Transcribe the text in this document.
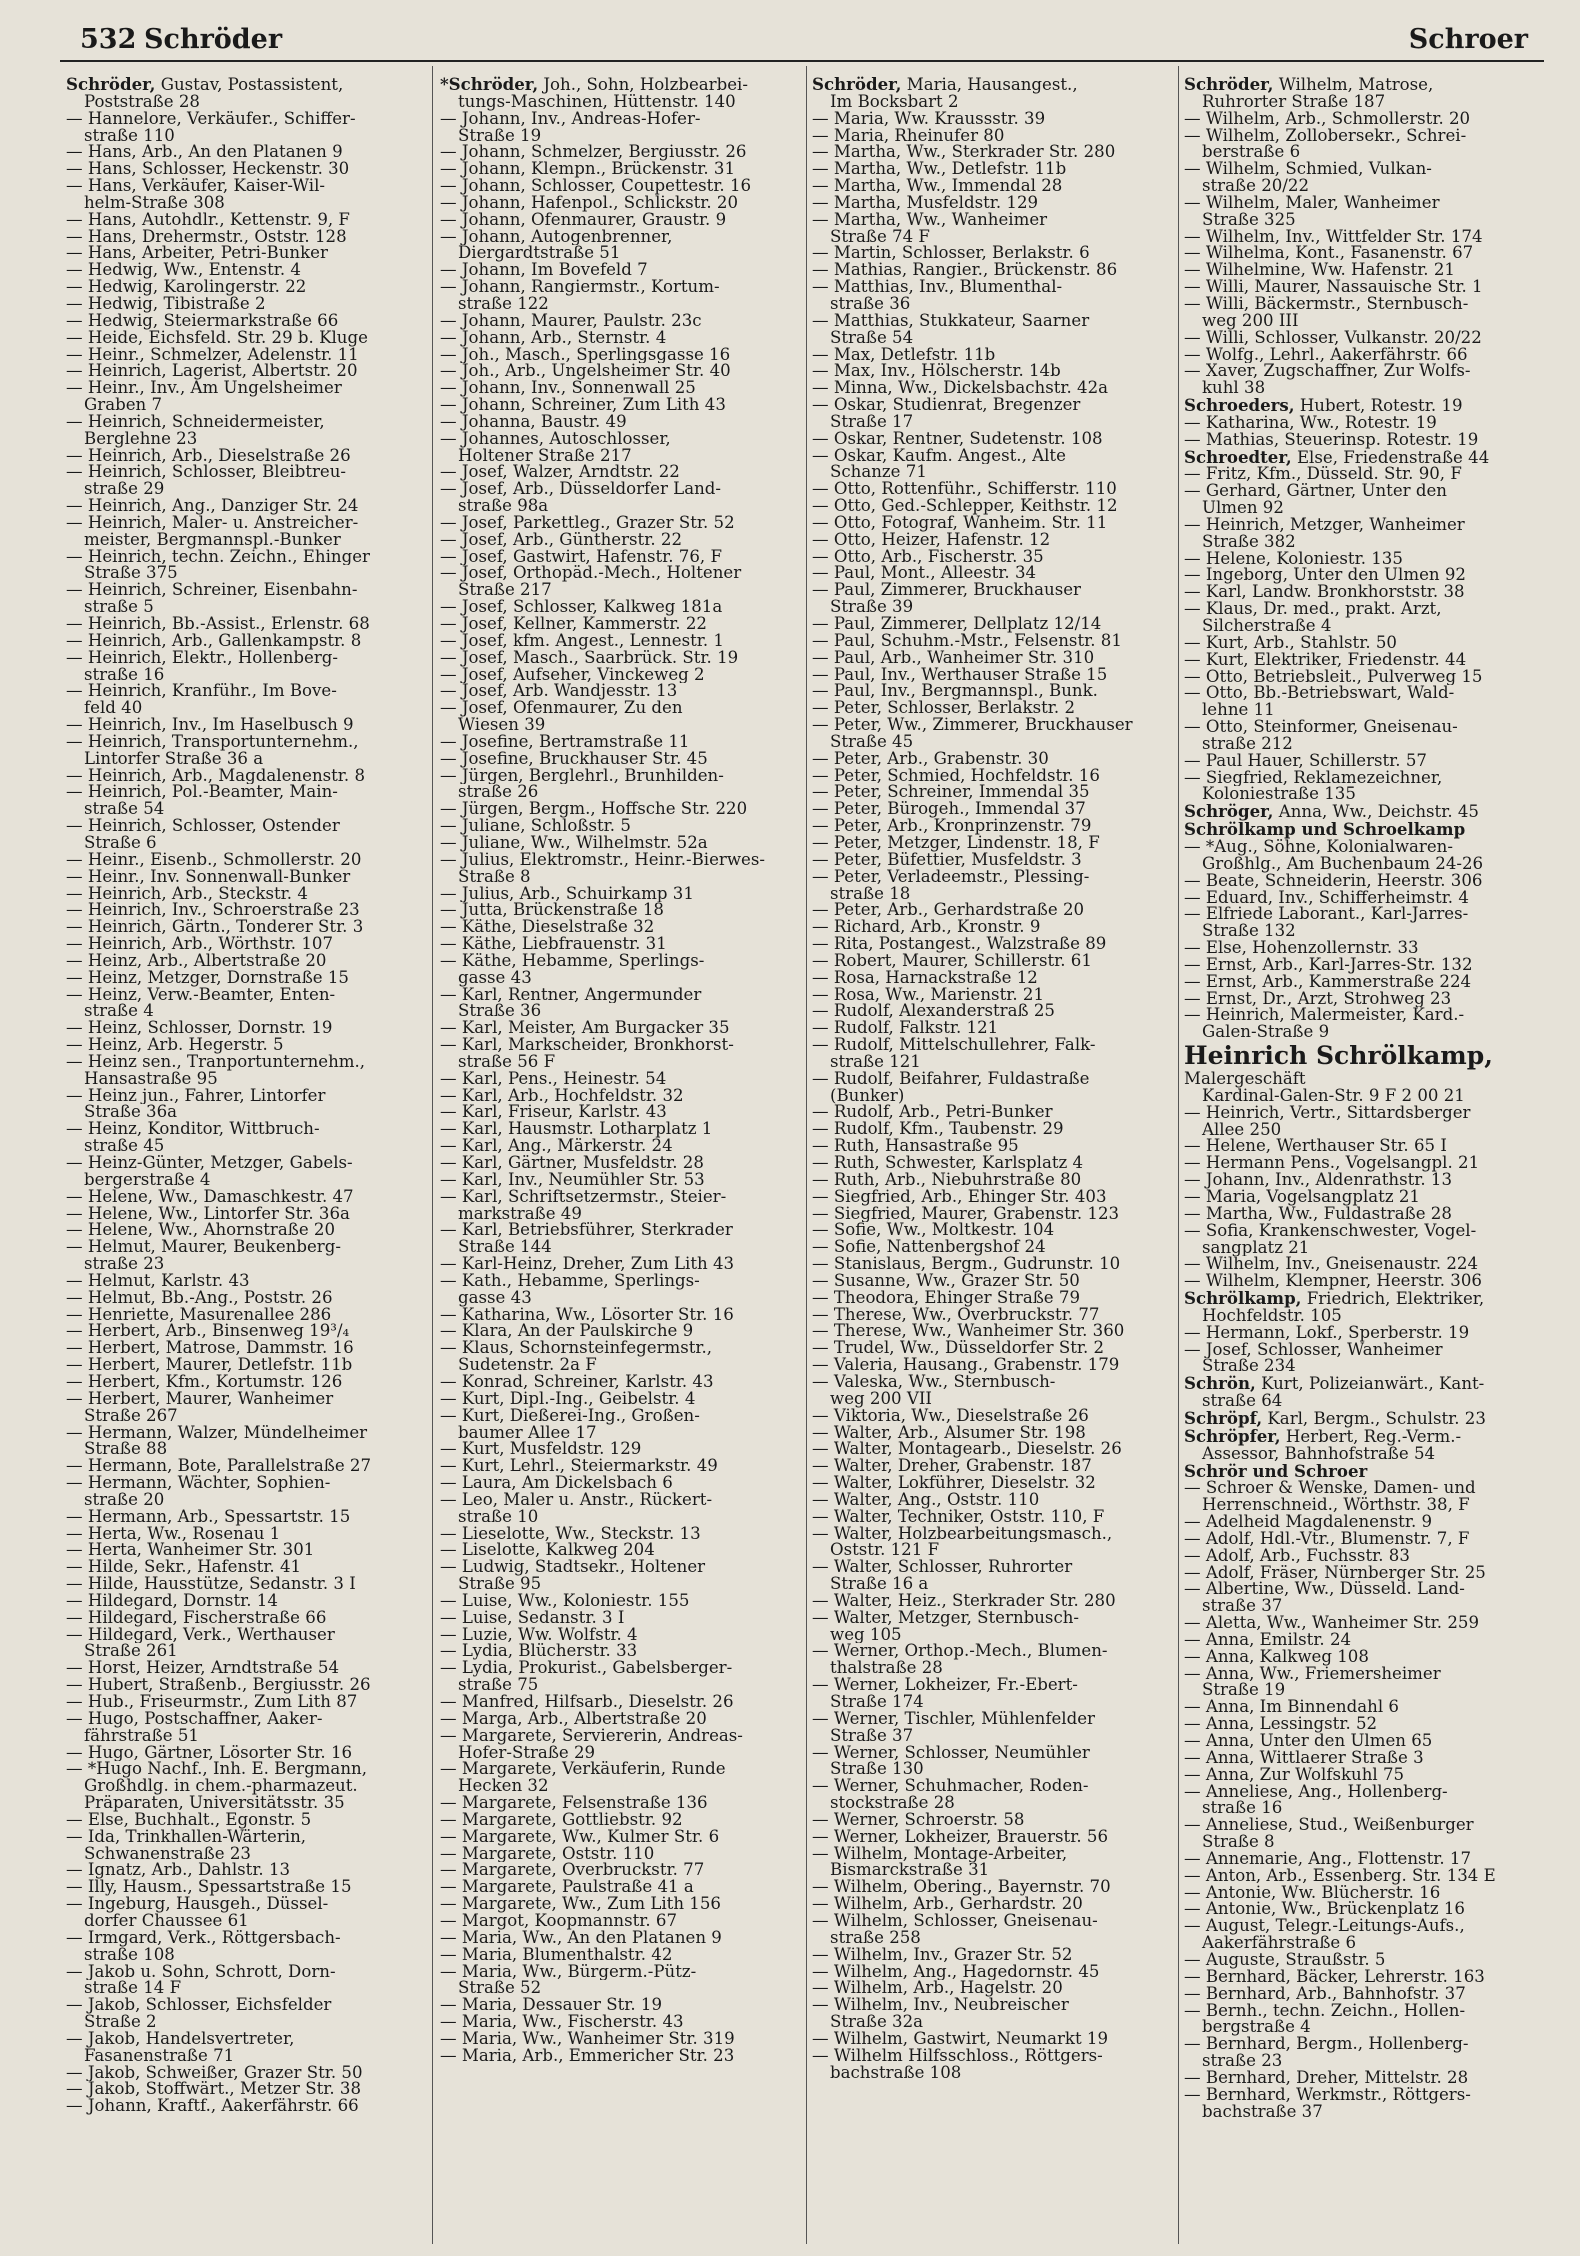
532 Schröder	Schroer
Schröder, Gustav, Postassistent,
Poststraße 28
— Hannelore, Verkäufer., Schiffer-
straße 110
— Hans, Arb., An den Platanen 9
— Hans, Schlosser, Heckenstr. 30
— Hans, Verkäufer, Kaiser-Wil-
helm-Straße 308
— Hans, Autohdlr., Kettenstr. 9, F
— Hans, Drehermstr., Oststr. 128
— Hans, Arbeiter, Petri-Bunker
— Hedwig, Ww., Entenstr. 4
— Hedwig, Karolingerstr. 22
— Hedwig, Tibistraße 2
— Hedwig, Steiermarkstraße 66
— Heide, Eichsfeld. Str. 29 b. Kluge
— Heinr., Schmelzer, Adelenstr. 11
— Heinrich, Lagerist, Albertstr. 20
— Heinr., Inv., Am Ungelsheimer
Graben 7
— Heinrich, Schneidermeister,
Berglehne 23
— Heinrich, Arb., Dieselstraße 26
— Heinrich, Schlosser, Bleibtreu-
straße 29
— Heinrich, Ang., Danziger Str. 24
— Heinrich, Maler- u. Anstreicher-
meister, Bergmannspl.-Bunker
— Heinrich, techn. Zeichn., Ehinger
Straße 375
— Heinrich, Schreiner, Eisenbahn-
straße 5
— Heinrich, Bb.-Assist., Erlenstr. 68
— Heinrich, Arb., Gallenkampstr. 8
— Heinrich, Elektr., Hollenberg-
straße 16
— Heinrich, Kranführ., Im Bove-
feld 40
— Heinrich, Inv., Im Haselbusch 9
— Heinrich, Transportunternehm.,
Lintorfer Straße 36 a
— Heinrich, Arb., Magdalenenstr. 8
— Heinrich, Pol.-Beamter, Main-
straße 54
— Heinrich, Schlosser, Ostender
Straße 6
— Heinr., Eisenb., Schmollerstr. 20
— Heinr., Inv. Sonnenwall-Bunker
— Heinrich, Arb., Steckstr. 4
— Heinrich, Inv., Schroerstraße 23
— Heinrich, Gärtn., Tonderer Str. 3
— Heinrich, Arb., Wörthstr. 107
— Heinz, Arb., Albertstraße 20
— Heinz, Metzger, Dornstraße 15
— Heinz, Verw.-Beamter, Enten-
straße 4
— Heinz, Schlosser, Dornstr. 19
— Heinz, Arb. Hegerstr. 5
— Heinz sen., Tranportunternehm.,
Hansastraße 95
— Heinz jun., Fahrer, Lintorfer
Straße 36a
— Heinz, Konditor, Wittbruch-
straße 45
— Heinz-Günter, Metzger, Gabels-
bergerstraße 4
— Helene, Ww., Damaschkestr. 47
— Helene, Ww., Lintorfer Str. 36a
— Helene, Ww., Ahornstraße 20
— Helmut, Maurer, Beukenberg-
straße 23
— Helmut, Karlstr. 43
— Helmut, Bb.-Ang., Poststr. 26
— Henriette, Masurenallee 286
— Herbert, Arb., Binsenweg 19³/₄
— Herbert, Matrose, Dammstr. 16
— Herbert, Maurer, Detlefstr. 11b
— Herbert, Kfm., Kortumstr. 126
— Herbert, Maurer, Wanheimer
Straße 267
— Hermann, Walzer, Mündelheimer
Straße 88
— Hermann, Bote, Parallelstraße 27
— Hermann, Wächter, Sophien-
straße 20
— Hermann, Arb., Spessartstr. 15
— Herta, Ww., Rosenau 1
— Herta, Wanheimer Str. 301
— Hilde, Sekr., Hafenstr. 41
— Hilde, Hausstütze, Sedanstr. 3 I
— Hildegard, Dornstr. 14
— Hildegard, Fischerstraße 66
— Hildegard, Verk., Werthauser
Straße 261
— Horst, Heizer, Arndtstraße 54
— Hubert, Straßenb., Bergiusstr. 26
— Hub., Friseurmstr., Zum Lith 87
— Hugo, Postschaffner, Aaker-
fährstraße 51
— Hugo, Gärtner, Lösorter Str. 16
— *Hugo Nachf., Inh. E. Bergmann,
Großhdlg. in chem.-pharmazeut.
Präparaten, Universitätsstr. 35
— Else, Buchhalt., Egonstr. 5
— Ida, Trinkhallen-Wärterin,
Schwanenstraße 23
— Ignatz, Arb., Dahlstr. 13
— Illy, Hausm., Spessartstraße 15
— Ingeburg, Hausgeh., Düssel-
dorfer Chaussee 61
— Irmgard, Verk., Röttgersbach-
straße 108
— Jakob u. Sohn, Schrott, Dorn-
straße 14 F
— Jakob, Schlosser, Eichsfelder
Straße 2
— Jakob, Handelsvertreter,
Fasanenstraße 71
— Jakob, Schweißer, Grazer Str. 50
— Jakob, Stoffwärt., Metzer Str. 38
— Johann, Kraftf., Aakerfährstr. 66
*Schröder, Joh., Sohn, Holzbearbei-
tungs-Maschinen, Hüttenstr. 140
— Johann, Inv., Andreas-Hofer-
Straße 19
— Johann, Schmelzer, Bergiusstr. 26
— Johann, Klempn., Brückenstr. 31
— Johann, Schlosser, Coupettestr. 16
— Johann, Hafenpol., Schlickstr. 20
— Johann, Ofenmaurer, Graustr. 9
— Johann, Autogenbrenner,
Diergardtstraße 51
— Johann, Im Bovefeld 7
— Johann, Rangiermstr., Kortum-
straße 122
— Johann, Maurer, Paulstr. 23c
— Johann, Arb., Sternstr. 4
— Joh., Masch., Sperlingsgasse 16
— Joh., Arb., Ungelsheimer Str. 40
— Johann, Inv., Sonnenwall 25
— Johann, Schreiner, Zum Lith 43
— Johanna, Baustr. 49
— Johannes, Autoschlosser,
Holtener Straße 217
— Josef, Walzer, Arndtstr. 22
— Josef, Arb., Düsseldorfer Land-
straße 98a
— Josef, Parkettleg., Grazer Str. 52
— Josef, Arb., Güntherstr. 22
— Josef, Gastwirt, Hafenstr. 76, F
— Josef, Orthopäd.-Mech., Holtener
Straße 217
— Josef, Schlosser, Kalkweg 181a
— Josef, Kellner, Kammerstr. 22
— Josef, kfm. Angest., Lennestr. 1
— Josef, Masch., Saarbrück. Str. 19
— Josef, Aufseher, Vinckeweg 2
— Josef, Arb. Wandjesstr. 13
— Josef, Ofenmaurer, Zu den
Wiesen 39
— Josefine, Bertramstraße 11
— Josefine, Bruckhauser Str. 45
— Jürgen, Berglehrl., Brunhilden-
straße 26
— Jürgen, Bergm., Hoffsche Str. 220
— Juliane, Schloßstr. 5
— Juliane, Ww., Wilhelmstr. 52a
— Julius, Elektromstr., Heinr.-Bierwes-
Straße 8
— Julius, Arb., Schuirkamp 31
— Jutta, Brückenstraße 18
— Käthe, Dieselstraße 32
— Käthe, Liebfrauenstr. 31
— Käthe, Hebamme, Sperlings-
gasse 43
— Karl, Rentner, Angermunder
Straße 36
— Karl, Meister, Am Burgacker 35
— Karl, Markscheider, Bronkhorst-
straße 56 F
— Karl, Pens., Heinestr. 54
— Karl, Arb., Hochfeldstr. 32
— Karl, Friseur, Karlstr. 43
— Karl, Hausmstr. Lotharplatz 1
— Karl, Ang., Märkerstr. 24
— Karl, Gärtner, Musfeldstr. 28
— Karl, Inv., Neumühler Str. 53
— Karl, Schriftsetzermstr., Steier-
markstraße 49
— Karl, Betriebsführer, Sterkrader
Straße 144
— Karl-Heinz, Dreher, Zum Lith 43
— Kath., Hebamme, Sperlings-
gasse 43
— Katharina, Ww., Lösorter Str. 16
— Klara, An der Paulskirche 9
— Klaus, Schornsteinfegermstr.,
Sudetenstr. 2a F
— Konrad, Schreiner, Karlstr. 43
— Kurt, Dipl.-Ing., Geibelstr. 4
— Kurt, Dießerei-Ing., Großen-
baumer Allee 17
— Kurt, Musfeldstr. 129
— Kurt, Lehrl., Steiermarkstr. 49
— Laura, Am Dickelsbach 6
— Leo, Maler u. Anstr., Rückert-
straße 10
— Lieselotte, Ww., Steckstr. 13
— Liselotte, Kalkweg 204
— Ludwig, Stadtsekr., Holtener
Straße 95
— Luise, Ww., Koloniestr. 155
— Luise, Sedanstr. 3 I
— Luzie, Ww. Wolfstr. 4
— Lydia, Blücherstr. 33
— Lydia, Prokurist., Gabelsberger-
straße 75
— Manfred, Hilfsarb., Dieselstr. 26
— Marga, Arb., Albertstraße 20
— Margarete, Serviererin, Andreas-
Hofer-Straße 29
— Margarete, Verkäuferin, Runde
Hecken 32
— Margarete, Felsenstraße 136
— Margarete, Gottliebstr. 92
— Margarete, Ww., Kulmer Str. 6
— Margarete, Oststr. 110
— Margarete, Overbruckstr. 77
— Margarete, Paulstraße 41 a
— Margarete, Ww., Zum Lith 156
— Margot, Koopmannstr. 67
— Maria, Ww., An den Platanen 9
— Maria, Blumenthalstr. 42
— Maria, Ww., Bürgerm.-Pütz-
Straße 52
— Maria, Dessauer Str. 19
— Maria, Ww., Fischerstr. 43
— Maria, Ww., Wanheimer Str. 319
— Maria, Arb., Emmericher Str. 23
Schröder, Maria, Hausangest.,
Im Bocksbart 2
— Maria, Ww. Kraussstr. 39
— Maria, Rheinufer 80
— Martha, Ww., Sterkrader Str. 280
— Martha, Ww., Detlefstr. 11b
— Martha, Ww., Immendal 28
— Martha, Musfeldstr. 129
— Martha, Ww., Wanheimer
Straße 74 F
— Martin, Schlosser, Berlakstr. 6
— Mathias, Rangier., Brückenstr. 86
— Matthias, Inv., Blumenthal-
straße 36
— Matthias, Stukkateur, Saarner
Straße 54
— Max, Detlefstr. 11b
— Max, Inv., Hölscherstr. 14b
— Minna, Ww., Dickelsbachstr. 42a
— Oskar, Studienrat, Bregenzer
Straße 17
— Oskar, Rentner, Sudetenstr. 108
— Oskar, Kaufm. Angest., Alte
Schanze 71
— Otto, Rottenführ., Schifferstr. 110
— Otto, Ged.-Schlepper, Keithstr. 12
— Otto, Fotograf, Wanheim. Str. 11
— Otto, Heizer, Hafenstr. 12
— Otto, Arb., Fischerstr. 35
— Paul, Mont., Alleestr. 34
— Paul, Zimmerer, Bruckhauser
Straße 39
— Paul, Zimmerer, Dellplatz 12/14
— Paul, Schuhm.-Mstr., Felsenstr. 81
— Paul, Arb., Wanheimer Str. 310
— Paul, Inv., Werthauser Straße 15
— Paul, Inv., Bergmannspl., Bunk.
— Peter, Schlosser, Berlakstr. 2
— Peter, Ww., Zimmerer, Bruckhauser
Straße 45
— Peter, Arb., Grabenstr. 30
— Peter, Schmied, Hochfeldstr. 16
— Peter, Schreiner, Immendal 35
— Peter, Bürogeh., Immendal 37
— Peter, Arb., Kronprinzenstr. 79
— Peter, Metzger, Lindenstr. 18, F
— Peter, Büfettier, Musfeldstr. 3
— Peter, Verladeemstr., Plessing-
straße 18
— Peter, Arb., Gerhardstraße 20
— Richard, Arb., Kronstr. 9
— Rita, Postangest., Walzstraße 89
— Robert, Maurer, Schillerstr. 61
— Rosa, Harnackstraße 12
— Rosa, Ww., Marienstr. 21
— Rudolf, Alexanderstraß 25
— Rudolf, Falkstr. 121
— Rudolf, Mittelschullehrer, Falk-
straße 121
— Rudolf, Beifahrer, Fuldastraße
(Bunker)
— Rudolf, Arb., Petri-Bunker
— Rudolf, Kfm., Taubenstr. 29
— Ruth, Hansastraße 95
— Ruth, Schwester, Karlsplatz 4
— Ruth, Arb., Niebuhrstraße 80
— Siegfried, Arb., Ehinger Str. 403
— Siegfried, Maurer, Grabenstr. 123
— Sofie, Ww., Moltkestr. 104
— Sofie, Nattenbergshof 24
— Stanislaus, Bergm., Gudrunstr. 10
— Susanne, Ww., Grazer Str. 50
— Theodora, Ehinger Straße 79
— Therese, Ww., Overbruckstr. 77
— Therese, Ww., Wanheimer Str. 360
— Trudel, Ww., Düsseldorfer Str. 2
— Valeria, Hausang., Grabenstr. 179
— Valeska, Ww., Sternbusch-
weg 200 VII
— Viktoria, Ww., Dieselstraße 26
— Walter, Arb., Alsumer Str. 198
— Walter, Montagearb., Dieselstr. 26
— Walter, Dreher, Grabenstr. 187
— Walter, Lokführer, Dieselstr. 32
— Walter, Ang., Oststr. 110
— Walter, Techniker, Oststr. 110, F
— Walter, Holzbearbeitungsmasch.,
Oststr. 121 F
— Walter, Schlosser, Ruhrorter
Straße 16 a
— Walter, Heiz., Sterkrader Str. 280
— Walter, Metzger, Sternbusch-
weg 105
— Werner, Orthop.-Mech., Blumen-
thalstraße 28
— Werner, Lokheizer, Fr.-Ebert-
Straße 174
— Werner, Tischler, Mühlenfelder
Straße 37
— Werner, Schlosser, Neumühler
Straße 130
— Werner, Schuhmacher, Roden-
stockstraße 28
— Werner, Schroerstr. 58
— Werner, Lokheizer, Brauerstr. 56
— Wilhelm, Montage-Arbeiter,
Bismarckstraße 31
— Wilhelm, Obering., Bayernstr. 70
— Wilhelm, Arb., Gerhardstr. 20
— Wilhelm, Schlosser, Gneisenau-
straße 258
— Wilhelm, Inv., Grazer Str. 52
— Wilhelm, Ang., Hagedornstr. 45
— Wilhelm, Arb., Hagelstr. 20
— Wilhelm, Inv., Neubreischer
Straße 32a
— Wilhelm, Gastwirt, Neumarkt 19
— Wilhelm Hilfsschloss., Röttgers-
bachstraße 108
Schröder, Wilhelm, Matrose,
Ruhrorter Straße 187
— Wilhelm, Arb., Schmollerstr. 20
— Wilhelm, Zollobersekr., Schrei-
berstraße 6
— Wilhelm, Schmied, Vulkan-
straße 20/22
— Wilhelm, Maler, Wanheimer
Straße 325
— Wilhelm, Inv., Wittfelder Str. 174
— Wilhelma, Kont., Fasanenstr. 67
— Wilhelmine, Ww. Hafenstr. 21
— Willi, Maurer, Nassauische Str. 1
— Willi, Bäckermstr., Sternbusch-
weg 200 III
— Willi, Schlosser, Vulkanstr. 20/22
— Wolfg., Lehrl., Aakerfährstr. 66
— Xaver, Zugschaffner, Zur Wolfs-
kuhl 38
Schroeders, Hubert, Rotestr. 19
— Katharina, Ww., Rotestr. 19
— Mathias, Steuerinsp. Rotestr. 19
Schroedter, Else, Friedenstraße 44
— Fritz, Kfm., Düsseld. Str. 90, F
— Gerhard, Gärtner, Unter den
Ulmen 92
— Heinrich, Metzger, Wanheimer
Straße 382
— Helene, Koloniestr. 135
— Ingeborg, Unter den Ulmen 92
— Karl, Landw. Bronkhorststr. 38
— Klaus, Dr. med., prakt. Arzt,
Silcherstraße 4
— Kurt, Arb., Stahlstr. 50
— Kurt, Elektriker, Friedenstr. 44
— Otto, Betriebsleit., Pulverweg 15
— Otto, Bb.-Betriebswart, Wald-
lehne 11
— Otto, Steinformer, Gneisenau-
straße 212
— Paul Hauer, Schillerstr. 57
— Siegfried, Reklamezeichner,
Koloniestraße 135
Schröger, Anna, Ww., Deichstr. 45
Schrölkamp und Schroelkamp
— *Aug., Söhne, Kolonialwaren-
Großhlg., Am Buchenbaum 24-26
— Beate, Schneiderin, Heerstr. 306
— Eduard, Inv., Schifferheimstr. 4
— Elfriede Laborant., Karl-Jarres-
Straße 132
— Else, Hohenzollernstr. 33
— Ernst, Arb., Karl-Jarres-Str. 132
— Ernst, Arb., Kammerstraße 224
— Ernst, Dr., Arzt, Strohweg 23
— Heinrich, Malermeister, Kard.-
Galen-Straße 9
Heinrich Schrölkamp,
Malergeschäft
Kardinal-Galen-Str. 9 F 2 00 21
— Heinrich, Vertr., Sittardsberger
Allee 250
— Helene, Werthauser Str. 65 I
— Hermann Pens., Vogelsangpl. 21
— Johann, Inv., Aldenrathstr. 13
— Maria, Vogelsangplatz 21
— Martha, Ww., Fuldastraße 28
— Sofia, Krankenschwester, Vogel-
sangplatz 21
— Wilhelm, Inv., Gneisenaustr. 224
— Wilhelm, Klempner, Heerstr. 306
Schrölkamp, Friedrich, Elektriker,
Hochfeldstr. 105
— Hermann, Lokf., Sperberstr. 19
— Josef, Schlosser, Wanheimer
Straße 234
Schrön, Kurt, Polizeianwärt., Kant-
straße 64
Schröpf, Karl, Bergm., Schulstr. 23
Schröpfer, Herbert, Reg.-Verm.-
Assessor, Bahnhofstraße 54
Schrör und Schroer
— Schroer & Wenske, Damen- und
Herrenschneid., Wörthstr. 38, F
— Adelheid Magdalenenstr. 9
— Adolf, Hdl.-Vtr., Blumenstr. 7, F
— Adolf, Arb., Fuchsstr. 83
— Adolf, Fräser, Nürnberger Str. 25
— Albertine, Ww., Düsseld. Land-
straße 37
— Aletta, Ww., Wanheimer Str. 259
— Anna, Emilstr. 24
— Anna, Kalkweg 108
— Anna, Ww., Friemersheimer
Straße 19
— Anna, Im Binnendahl 6
— Anna, Lessingstr. 52
— Anna, Unter den Ulmen 65
— Anna, Wittlaerer Straße 3
— Anna, Zur Wolfskuhl 75
— Anneliese, Ang., Hollenberg-
straße 16
— Anneliese, Stud., Weißenburger
Straße 8
— Annemarie, Ang., Flottenstr. 17
— Anton, Arb., Essenberg. Str. 134 E
— Antonie, Ww. Blücherstr. 16
— Antonie, Ww., Brückenplatz 16
— August, Telegr.-Leitungs-Aufs.,
Aakerfährstraße 6
— Auguste, Straußstr. 5
— Bernhard, Bäcker, Lehrerstr. 163
— Bernhard, Arb., Bahnhofstr. 37
— Bernh., techn. Zeichn., Hollen-
bergstraße 4
— Bernhard, Bergm., Hollenberg-
straße 23
— Bernhard, Dreher, Mittelstr. 28
— Bernhard, Werkmstr., Röttgers-
bachstraße 37
